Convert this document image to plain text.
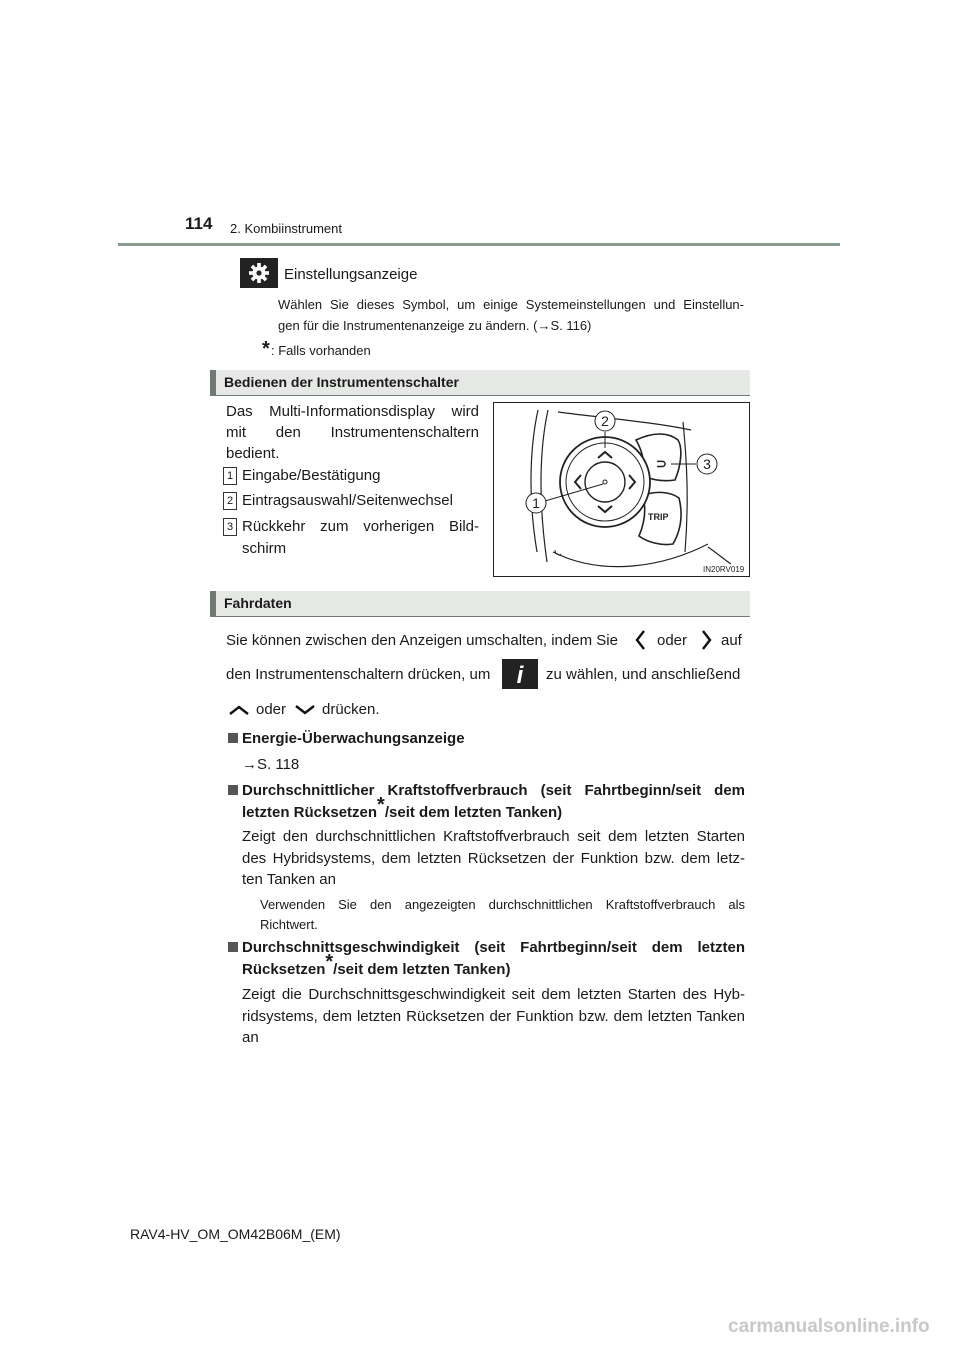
114 2. Kombiinstrument
Einstellungsanzeige
Wählen Sie dieses Symbol, um einige Systemeinstellungen und Einstellun-
gen für die Instrumentenanzeige zu ändern. (→S. 116)
* : Falls vorhanden
Bedienen der Instrumentenschalter
Das Multi-Informationsdisplay wird
mit den Instrumentenschaltern
bedient.
1 Eingabe/Bestätigung
2 Eintragsauswahl/Seitenwechsel
3 Rückkehr zum vorherigen Bild-
schirm
⊃
TRIP
2
3
1
IN20RV019
Fahrdaten
Sie können zwischen den Anzeigen umschalten, indem Sie	oder auf
den Instrumentenschaltern drücken, um i zu wählen, und anschließend
oder drücken.
Energie-Überwachungsanzeige
→S. 118
Durchschnittlicher Kraftstoffverbrauch (seit Fahrtbeginn/seit dem
letzten Rücksetzen*/seit dem letzten Tanken)
Zeigt den durchschnittlichen Kraftstoffverbrauch seit dem letzten Starten
des Hybridsystems, dem letzten Rücksetzen der Funktion bzw. dem letz-
ten Tanken an
Verwenden Sie den angezeigten durchschnittlichen Kraftstoffverbrauch als
Richtwert.
Durchschnittsgeschwindigkeit (seit Fahrtbeginn/seit dem letzten
Rücksetzen*/seit dem letzten Tanken)
Zeigt die Durchschnittsgeschwindigkeit seit dem letzten Starten des Hyb-
ridsystems, dem letzten Rücksetzen der Funktion bzw. dem letzten Tanken
an
RAV4-HV_OM_OM42B06M_(EM)
carmanualsonline.info
